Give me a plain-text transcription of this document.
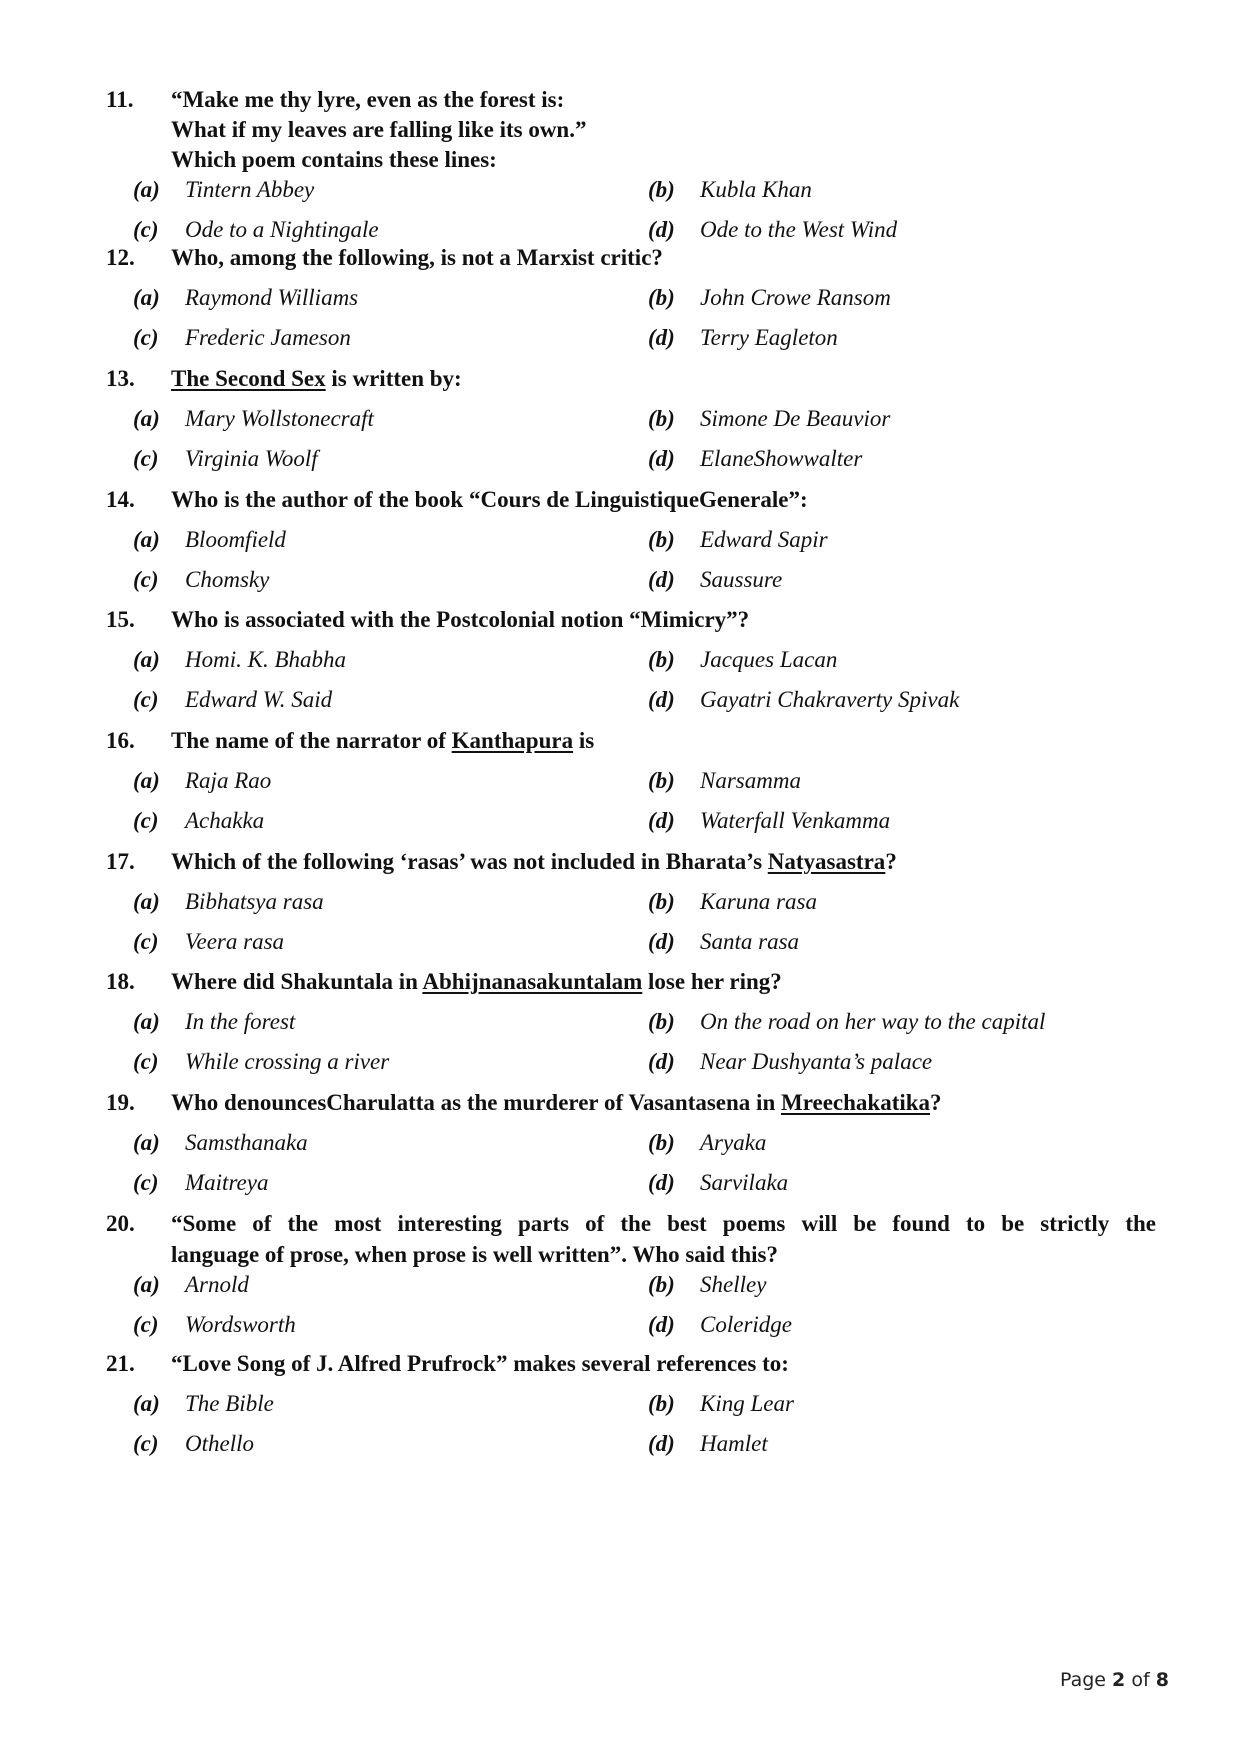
11. “Make me thy lyre, even as the forest is:
What if my leaves are falling like its own.”
Which poem contains these lines:
(a) Tintern Abbey	(b) Kubla Khan
(c) Ode to a Nightingale	(d) Ode to the West Wind
12. Who, among the following, is not a Marxist critic?
(a) Raymond Williams	(b) John Crowe Ransom
(c) Frederic Jameson	(d) Terry Eagleton
13. The Second Sex is written by:
(a) Mary Wollstonecraft	(b) Simone De Beauvior
(c) Virginia Woolf	(d) ElaneShowwalter
14. Who is the author of the book “Cours de LinguistiqueGenerale”:
(a) Bloomfield	(b) Edward Sapir
(c) Chomsky	(d) Saussure
15. Who is associated with the Postcolonial notion “Mimicry”?
(a) Homi. K. Bhabha	(b) Jacques Lacan
(c) Edward W. Said	(d) Gayatri Chakraverty Spivak
16. The name of the narrator of Kanthapura is
(a) Raja Rao	(b) Narsamma
(c) Achakka	(d) Waterfall Venkamma
17. Which of the following ‘rasas’ was not included in Bharata’s Natyasastra?
(a) Bibhatsya rasa	(b) Karuna rasa
(c) Veera rasa	(d) Santa rasa
18. Where did Shakuntala in Abhijnanasakuntalam lose her ring?
(a) In the forest	(b) On the road on her way to the capital
(c) While crossing a river	(d) Near Dushyanta’s palace
19. Who denouncesCharulatta as the murderer of Vasantasena in Mreechakatika?
(a) Samsthanaka	(b) Aryaka
(c) Maitreya	(d) Sarvilaka
20. “Some of the most interesting parts of the best poems will be found to be strictly the
language of prose, when prose is well written”. Who said this?
(a) Arnold	(b) Shelley
(c) Wordsworth	(d) Coleridge
21. “Love Song of J. Alfred Prufrock” makes several references to:
(a) The Bible	(b) King Lear
(c) Othello	(d) Hamlet
Page 2 of 8
